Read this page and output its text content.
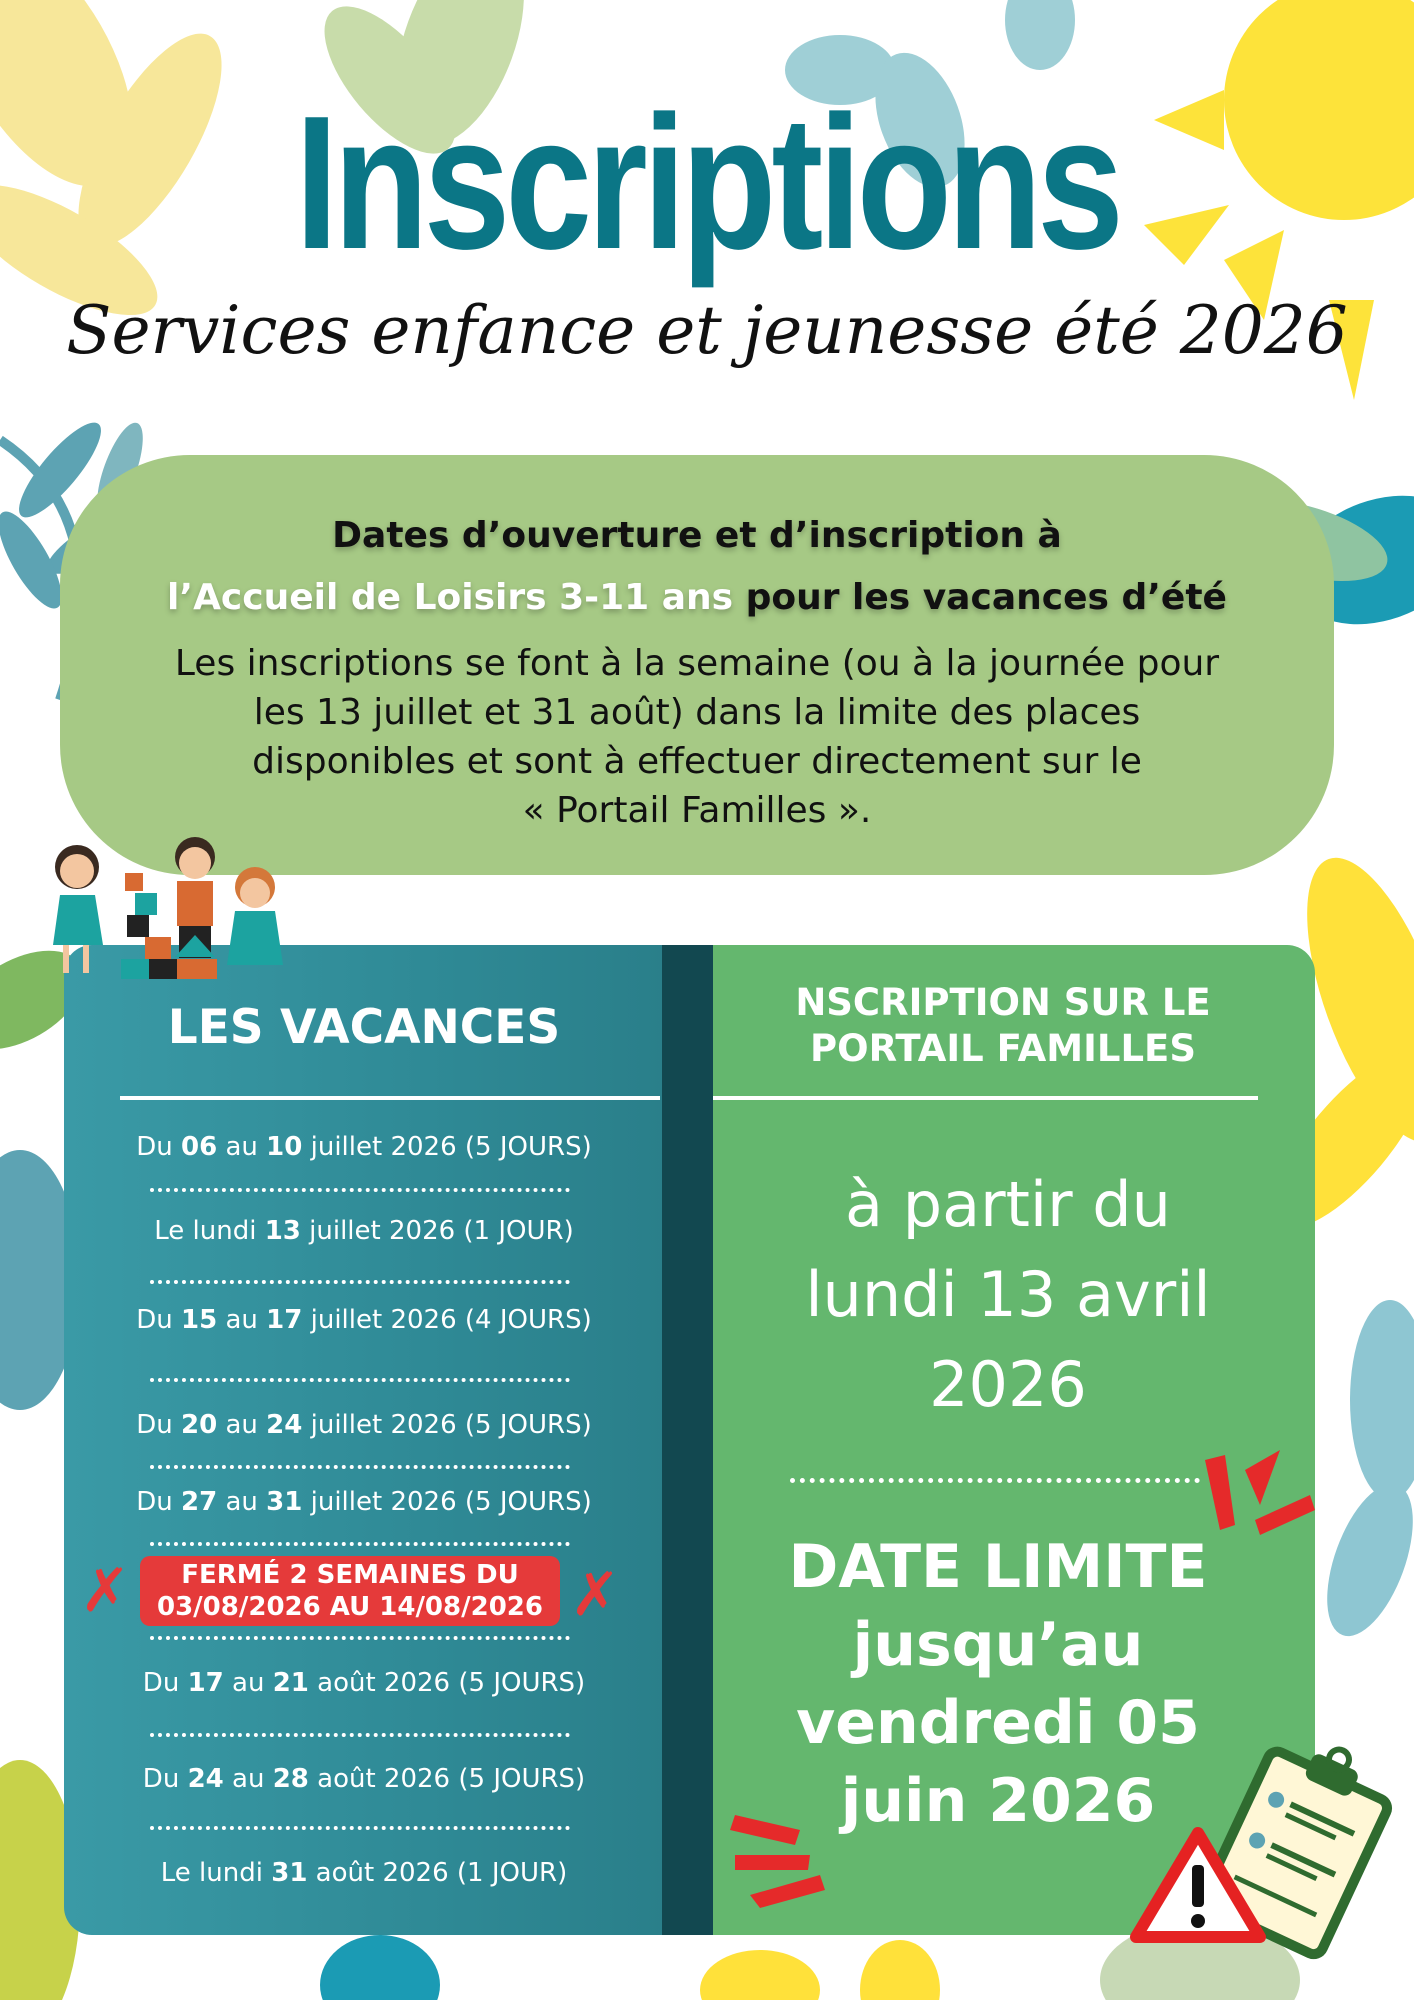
Inscriptions
Services enfance et jeunesse été 2026
Dates d’ouverture et d’inscription à
l’Accueil de Loisirs 3-11 ans pour les vacances d’été
Les inscriptions se font à la semaine (ou à la journée pour
les 13 juillet et 31 août) dans la limite des places
disponibles et sont à effectuer directement sur le
« Portail Familles ».
LES VACANCES
Du 06 au 10 juillet 2026 (5 JOURS)
Le lundi 13 juillet 2026 (1 JOUR)
Du 15 au 17 juillet 2026 (4 JOURS)
Du 20 au 24 juillet 2026 (5 JOURS)
Du 27 au 31 juillet 2026 (5 JOURS)
FERMÉ 2 SEMAINES DU
03/08/2026 AU 14/08/2026
✗	✗
Du 17 au 21 août 2026 (5 JOURS)
Du 24 au 28 août 2026 (5 JOURS)
Le lundi 31 août 2026 (1 JOUR)
NSCRIPTION SUR LE
PORTAIL FAMILLES
à partir du
lundi 13 avril
2026
DATE LIMITE
jusqu’au
vendredi 05
juin 2026
